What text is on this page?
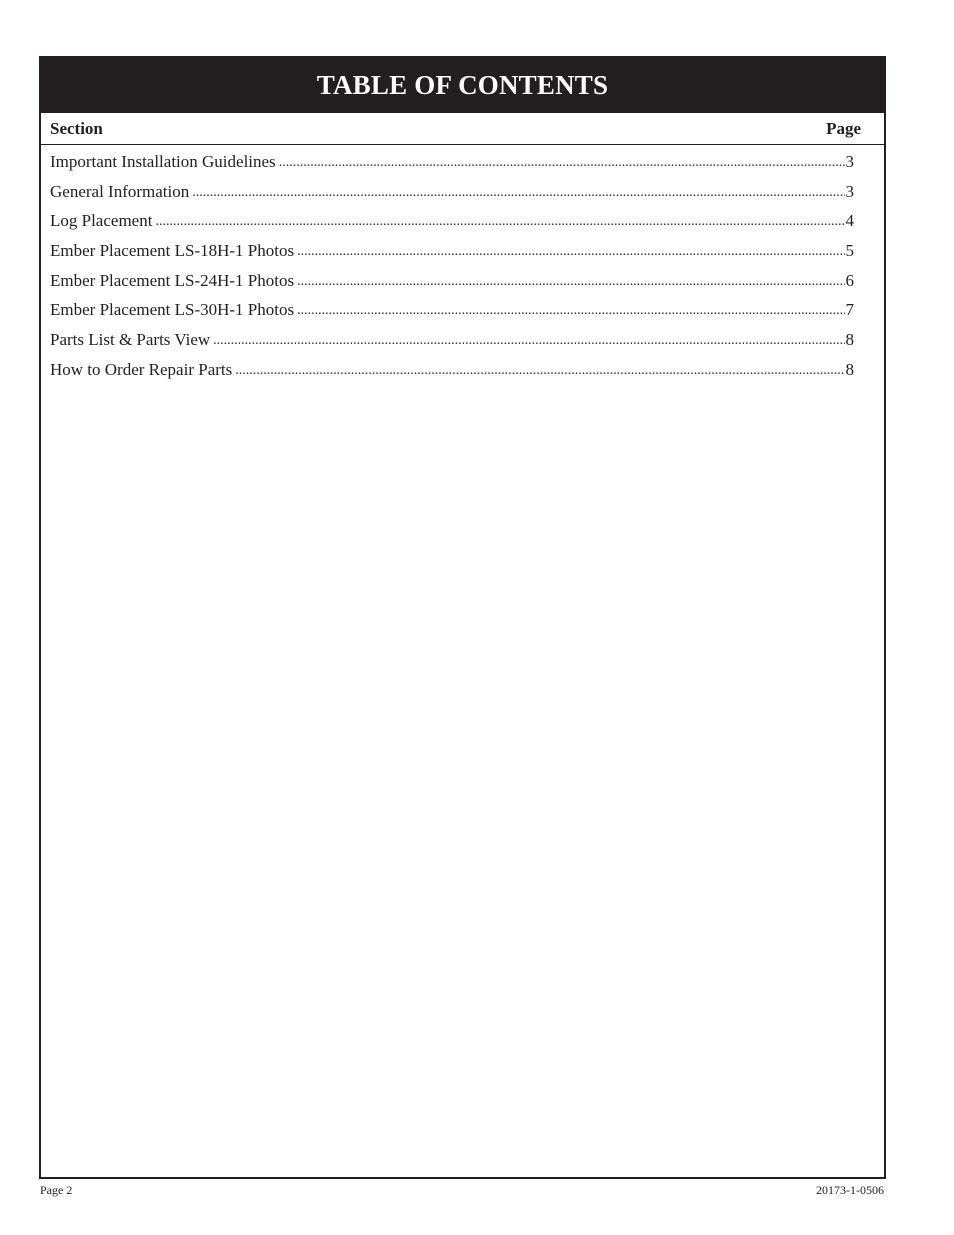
TABLE OF CONTENTS
Section	Page
Important Installation Guidelines .....	3
General Information .....	3
Log Placement .....	4
Ember Placement LS-18H-1 Photos .....	5
Ember Placement LS-24H-1 Photos .....	6
Ember Placement LS-30H-1 Photos .....	7
Parts List & Parts View .....	8
How to Order Repair Parts .....	8
Page 2	20173-1-0506
